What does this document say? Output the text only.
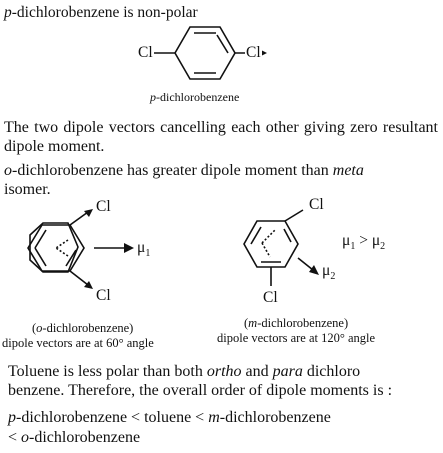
p-dichlorobenzene is non-polar
Cl	Cl
p-dichlorobenzene
The two dipole vectors cancelling each other giving zero resultant dipole moment.
o-dichlorobenzene has greater dipole moment than meta
isomer.
Cl
Cl
$\mu_1$
(o-dichlorobenzene)
dipole vectors are at 60° angle
Cl
Cl
$\mu_2$
$\mu_1 > \mu_2$
(m-dichlorobenzene)
dipole vectors are at 120° angle
Toluene is less polar than both ortho and para dichloro
benzene. Therefore, the overall order of dipole moments is :
p-dichlorobenzene < toluene < m-dichlorobenzene
< o-dichlorobenzene
